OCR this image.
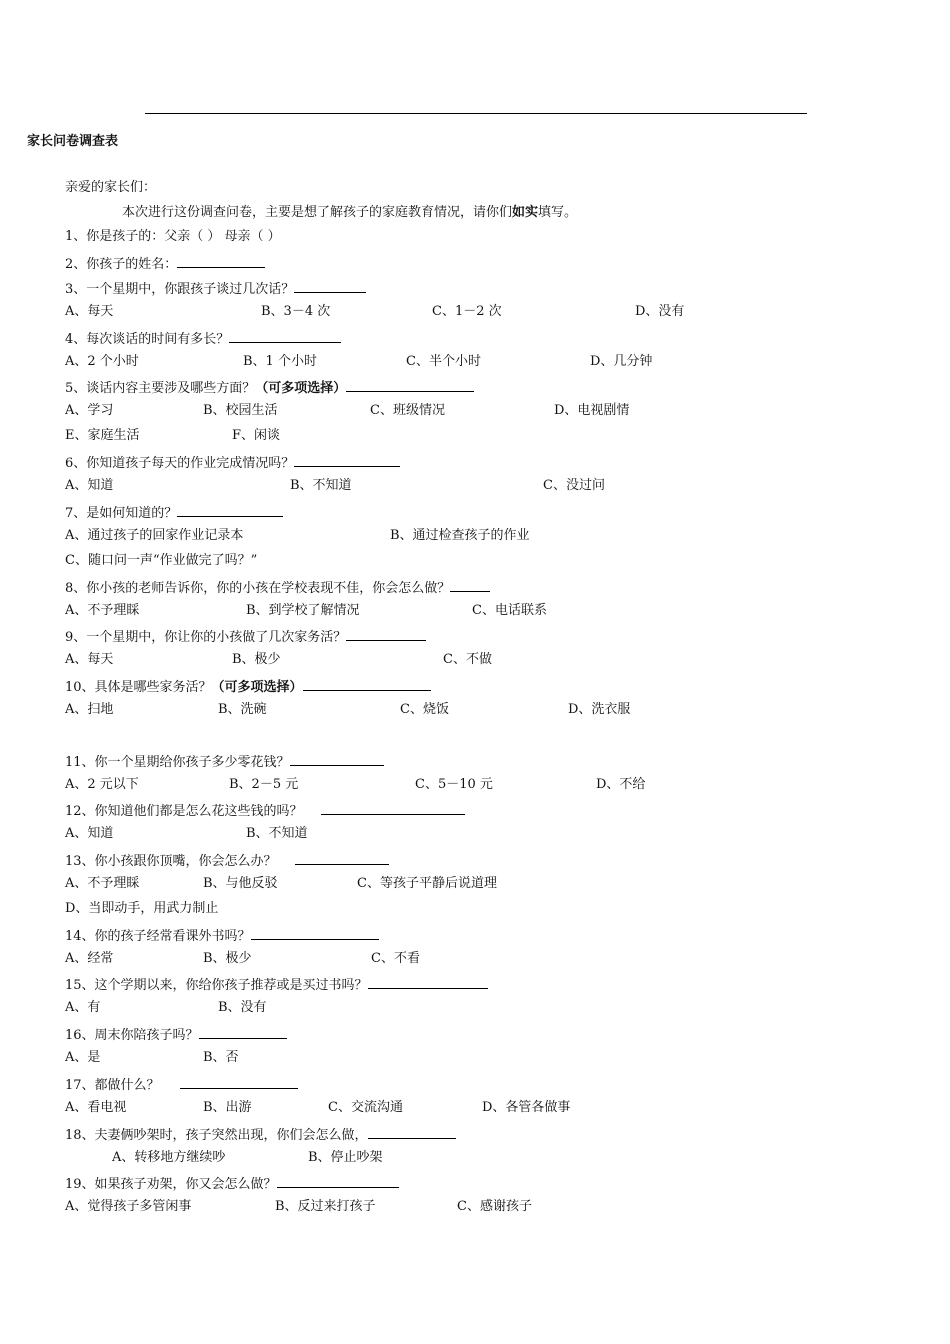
家长问卷调查表
亲爱的家长们：
本次进行这份调查问卷，主要是想了解孩子的家庭教育情况，请你们如实填写。
1、你是孩子的：父亲（ ） 母亲（ ）
2、你孩子的姓名：
3、一个星期中，你跟孩子谈过几次话？
A、每天	B、3－4 次	C、1－2 次	D、没有
4、每次谈话的时间有多长？
A、2 个小时	B、1 个小时	C、半个小时	D、几分钟
5、谈话内容主要涉及哪些方面？（可多项选择）
A、学习	B、校园生活	C、班级情况	D、电视剧情
E、家庭生活	F、闲谈
6、你知道孩子每天的作业完成情况吗？
A、知道	B、不知道	C、没过问
7、是如何知道的？
A、通过孩子的回家作业记录本	B、通过检查孩子的作业
C、随口问一声“作业做完了吗？”
8、你小孩的老师告诉你，你的小孩在学校表现不佳，你会怎么做？
A、不予理睬	B、到学校了解情况	C、电话联系
9、一个星期中，你让你的小孩做了几次家务活？
A、每天	B、极少	C、不做
10、具体是哪些家务活？（可多项选择）
A、扫地	B、洗碗	C、烧饭	D、洗衣服
11、你一个星期给你孩子多少零花钱？
A、2 元以下	B、2－5 元	C、5－10 元	D、不给
12、你知道他们都是怎么花这些钱的吗？
A、知道	B、不知道
13、你小孩跟你顶嘴，你会怎么办？
A、不予理睬	B、与他反驳	C、等孩子平静后说道理
D、当即动手，用武力制止
14、你的孩子经常看课外书吗？
A、经常	B、极少	C、不看
15、这个学期以来，你给你孩子推荐或是买过书吗？
A、有	B、没有
16、周末你陪孩子吗？
A、是	B、否
17、都做什么？
A、看电视	B、出游	C、交流沟通	D、各管各做事
18、夫妻俩吵架时，孩子突然出现，你们会怎么做，
A、转移地方继续吵	B、停止吵架
19、如果孩子劝架，你又会怎么做？
A、觉得孩子多管闲事	B、反过来打孩子	C、感谢孩子
